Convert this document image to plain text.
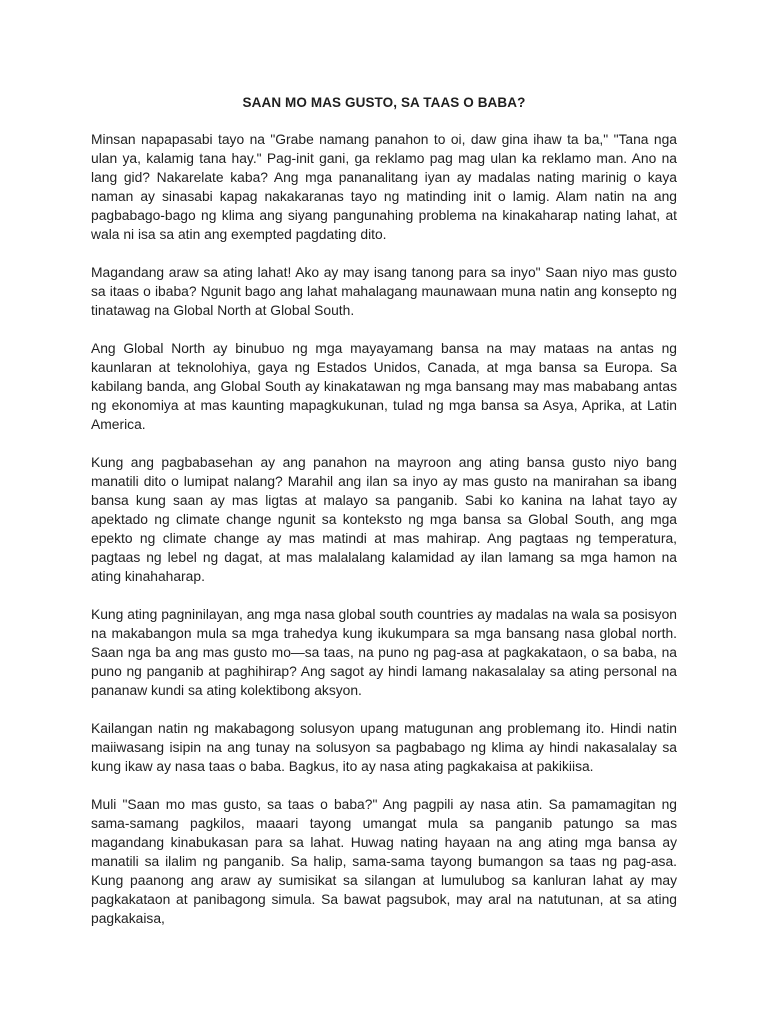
SAAN MO MAS GUSTO, SA TAAS O BABA?

Minsan napapasabi tayo na "Grabe namang panahon to oi, daw gina ihaw ta ba," "Tana nga ulan ya, kalamig tana hay." Pag-init gani, ga reklamo pag mag ulan ka reklamo man. Ano na lang gid? Nakarelate kaba? Ang mga pananalitang iyan ay madalas nating marinig o kaya naman ay sinasabi kapag nakakaranas tayo ng matinding init o lamig. Alam natin na ang pagbabago-bago ng klima ang siyang pangunahing problema na kinakaharap nating lahat, at wala ni isa sa atin ang exempted pagdating dito.

Magandang araw sa ating lahat! Ako ay may isang tanong para sa inyo" Saan niyo mas gusto sa itaas o ibaba? Ngunit bago ang lahat mahalagang maunawaan muna natin ang konsepto ng tinatawag na Global North at Global South.

Ang Global North ay binubuo ng mga mayayamang bansa na may mataas na antas ng kaunlaran at teknolohiya, gaya ng Estados Unidos, Canada, at mga bansa sa Europa. Sa kabilang banda, ang Global South ay kinakatawan ng mga bansang may mas mababang antas ng ekonomiya at mas kaunting mapagkukunan, tulad ng mga bansa sa Asya, Aprika, at Latin America.

Kung ang pagbabasehan ay ang panahon na mayroon ang ating bansa gusto niyo bang manatili dito o lumipat nalang? Marahil ang ilan sa inyo ay mas gusto na manirahan sa ibang bansa kung saan ay mas ligtas at malayo sa panganib. Sabi ko kanina na lahat tayo ay apektado ng climate change ngunit sa konteksto ng mga bansa sa Global South, ang mga epekto ng climate change ay mas matindi at mas mahirap. Ang pagtaas ng temperatura, pagtaas ng lebel ng dagat, at mas malalalang kalamidad ay ilan lamang sa mga hamon na ating kinahaharap.

Kung ating pagninilayan, ang mga nasa global south countries ay madalas na wala sa posisyon na makabangon mula sa mga trahedya kung ikukumpara sa mga bansang nasa global north. Saan nga ba ang mas gusto mo—sa taas, na puno ng pag-asa at pagkakataon, o sa baba, na puno ng panganib at paghihirap? Ang sagot ay hindi lamang nakasalalay sa ating personal na pananaw kundi sa ating kolektibong aksyon.

Kailangan natin ng makabagong solusyon upang matugunan ang problemang ito. Hindi natin maiiwasang isipin na ang tunay na solusyon sa pagbabago ng klima ay hindi nakasalalay sa kung ikaw ay nasa taas o baba. Bagkus, ito ay nasa ating pagkakaisa at pakikiisa.

Muli "Saan mo mas gusto, sa taas o baba?" Ang pagpili ay nasa atin. Sa pamamagitan ng sama-samang pagkilos, maaari tayong umangat mula sa panganib patungo sa mas magandang kinabukasan para sa lahat. Huwag nating hayaan na ang ating mga bansa ay manatili sa ilalim ng panganib. Sa halip, sama-sama tayong bumangon sa taas ng pag-asa. Kung paanong ang araw ay sumisikat sa silangan at lumulubog sa kanluran lahat ay may pagkakataon at panibagong simula. Sa bawat pagsubok, may aral na natutunan, at sa ating pagkakaisa,
